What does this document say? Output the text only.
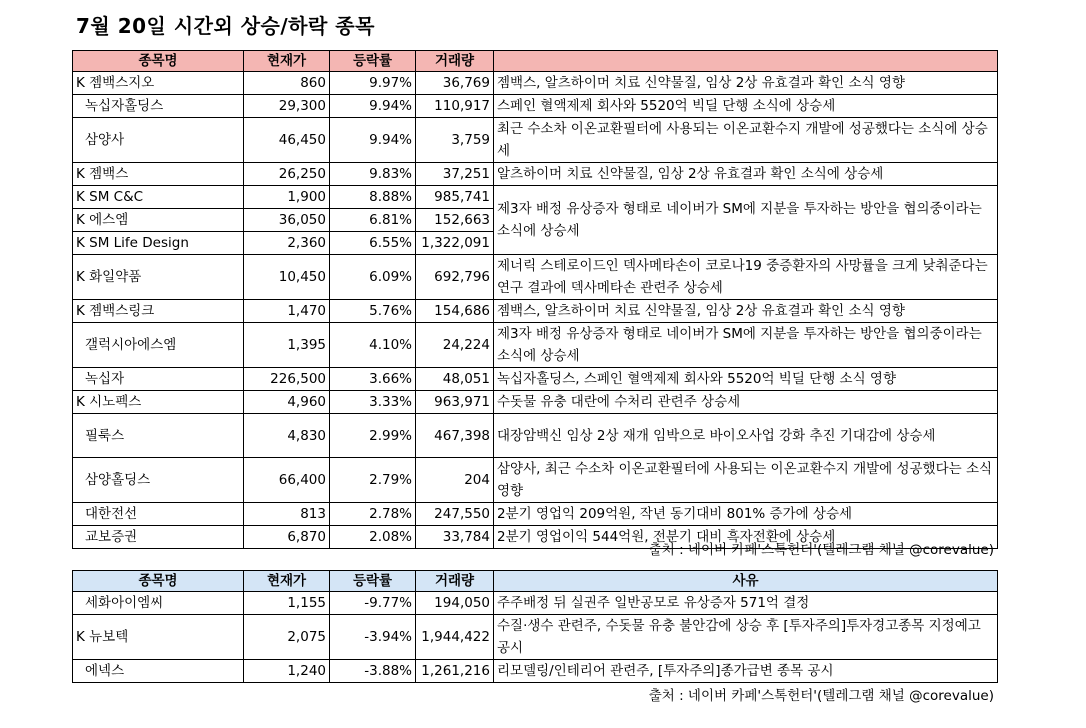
7월 20일 시간외 상승/하락 종목
종목명	현재가	등락률	거래량	
K 젬백스지오	860	9.97%	36,769	젬백스, 알츠하이머 치료 신약물질, 임상 2상 유효결과 확인 소식 영향
녹십자홀딩스	29,300	9.94%	110,917	스페인 혈액제제 회사와 5520억 빅딜 단행 소식에 상승세
삼양사	46,450	9.94%	3,759	최근 수소차 이온교환필터에 사용되는 이온교환수지 개발에 성공했다는 소식에 상승세
K 젬백스	26,250	9.83%	37,251	알츠하이머 치료 신약물질, 임상 2상 유효결과 확인 소식에 상승세
K SM C&C	1,900	8.88%	985,741	제3자 배정 유상증자 형태로 네이버가 SM에 지분을 투자하는 방안을 협의중이라는 소식에 상승세
K 에스엠	36,050	6.81%	152,663	
K SM Life Design	2,360	6.55%	1,322,091	
K 화일약품	10,450	6.09%	692,796	제너릭 스테로이드인 덱사메타손이 코로나19 중증환자의 사망률을 크게 낮춰준다는 연구 결과에 덱사메타손 관련주 상승세
K 젬백스링크	1,470	5.76%	154,686	젬백스, 알츠하이머 치료 신약물질, 임상 2상 유효결과 확인 소식 영향
갤럭시아에스엠	1,395	4.10%	24,224	제3자 배정 유상증자 형태로 네이버가 SM에 지분을 투자하는 방안을 협의중이라는 소식에 상승세
녹십자	226,500	3.66%	48,051	녹십자홀딩스, 스페인 혈액제제 회사와 5520억 빅딜 단행 소식 영향
K 시노펙스	4,960	3.33%	963,971	수돗물 유충 대란에 수처리 관련주 상승세
필룩스	4,830	2.99%	467,398	대장암백신 임상 2상 재개 임박으로 바이오사업 강화 추진 기대감에 상승세
삼양홀딩스	66,400	2.79%	204	삼양사, 최근 수소차 이온교환필터에 사용되는 이온교환수지 개발에 성공했다는 소식 영향
대한전선	813	2.78%	247,550	2분기 영업익 209억원, 작년 동기대비 801% 증가에 상승세
교보증권	6,870	2.08%	33,784	2분기 영업이익 544억원, 전분기 대비 흑자전환에 상승세
출처 : 네이버 카페'스톡헌터'(텔레그램 채널 @corevalue)
종목명	현재가	등락률	거래량	사유
세화아이엠씨	1,155	-9.77%	194,050	주주배정 뒤 실권주 일반공모로 유상증자 571억 결정
K 뉴보텍	2,075	-3.94%	1,944,422	수질·생수 관련주, 수돗물 유충 불안감에 상승 후 [투자주의]투자경고종목 지정예고 공시
에넥스	1,240	-3.88%	1,261,216	리모델링/인테리어 관련주, [투자주의]종가급변 종목 공시
출처 : 네이버 카페'스톡헌터'(텔레그램 채널 @corevalue)
